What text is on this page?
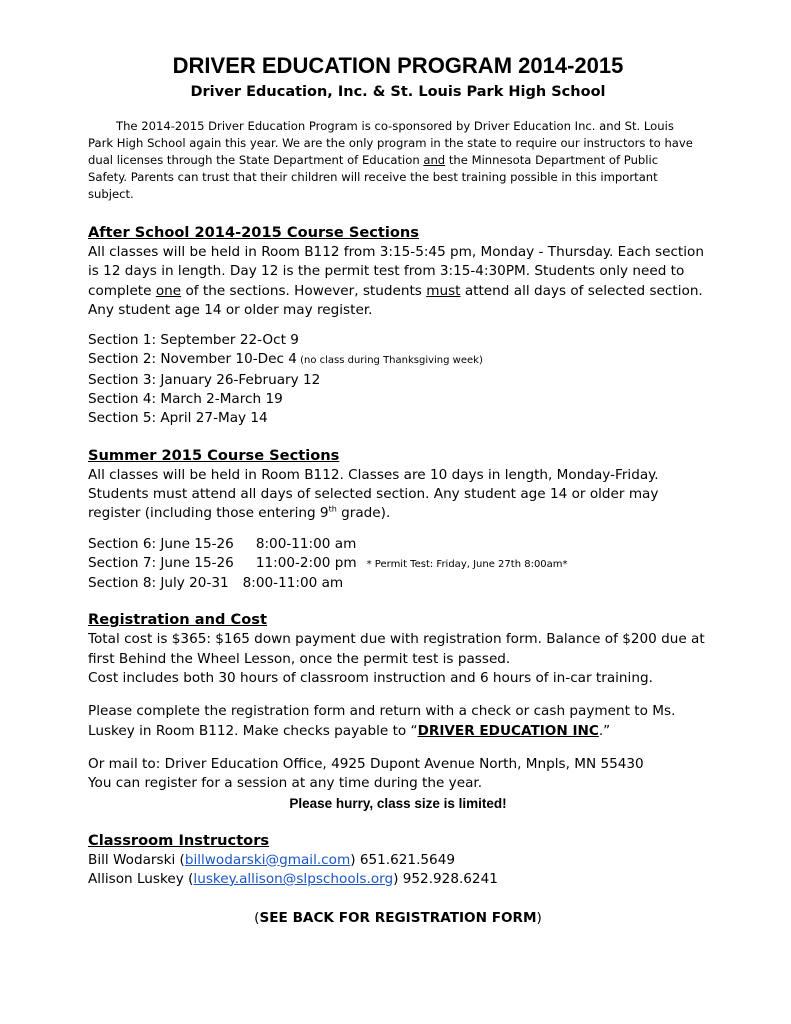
DRIVER EDUCATION PROGRAM 2014-2015
Driver Education, Inc. & St. Louis Park High School

The 2014-2015 Driver Education Program is co-sponsored by Driver Education Inc. and St. Louis Park High School again this year. We are the only program in the state to require our instructors to have dual licenses through the State Department of Education and the Minnesota Department of Public Safety. Parents can trust that their children will receive the best training possible in this important subject.

After School 2014-2015 Course Sections

All classes will be held in Room B112 from 3:15-5:45 pm, Monday - Thursday. Each section is 12 days in length. Day 12 is the permit test from 3:15-4:30PM. Students only need to complete one of the sections. However, students must attend all days of selected section. Any student age 14 or older may register.

Section 1: September 22-Oct 9
Section 2: November 10-Dec 4 (no class during Thanksgiving week)
Section 3: January 26-February 12
Section 4: March 2-March 19
Section 5: April 27-May 14
Summer 2015 Course Sections

All classes will be held in Room B112. Classes are 10 days in length, Monday-Friday. Students must attend all days of selected section. Any student age 14 or older may register (including those entering 9th grade).

Section 6: June 15-26 8:00-11:00 am
Section 7: June 15-26 11:00-2:00 pm * Permit Test: Friday, June 27th 8:00am*
Section 8: July 20-31 8:00-11:00 am
Registration and Cost

Total cost is $365: $165 down payment due with registration form. Balance of $200 due at first Behind the Wheel Lesson, once the permit test is passed.
Cost includes both 30 hours of classroom instruction and 6 hours of in-car training.

Please complete the registration form and return with a check or cash payment to Ms. Luskey in Room B112. Make checks payable to “DRIVER EDUCATION INC.”

Or mail to: Driver Education Office, 4925 Dupont Avenue North, Mnpls, MN 55430
You can register for a session at any time during the year.

Please hurry, class size is limited!
Classroom Instructors
Bill Wodarski (billwodarski@gmail.com) 651.621.5649
Allison Luskey (luskey.allison@slpschools.org) 952.928.6241
(SEE BACK FOR REGISTRATION FORM)
